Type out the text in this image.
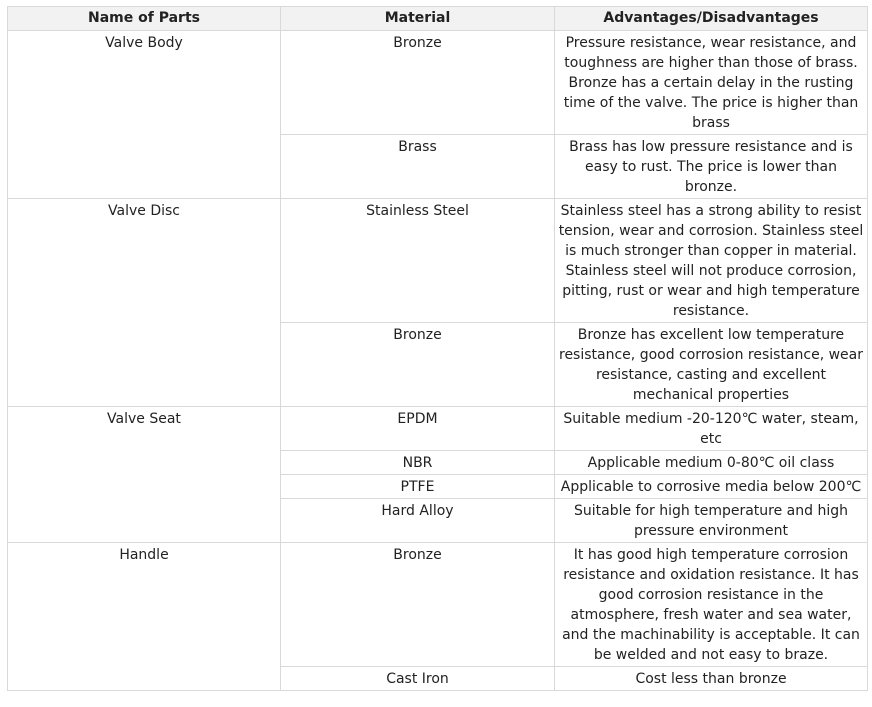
Name of Parts	Material	Advantages/Disadvantages
Valve Body	Bronze	Pressure resistance, wear resistance, and toughness are higher than those of brass. Bronze has a certain delay in the rusting time of the valve. The price is higher than brass
	Brass	Brass has low pressure resistance and is easy to rust. The price is lower than bronze.
Valve Disc	Stainless Steel	Stainless steel has a strong ability to resist tension, wear and corrosion. Stainless steel is much stronger than copper in material. Stainless steel will not produce corrosion, pitting, rust or wear and high temperature resistance.
	Bronze	Bronze has excellent low temperature resistance, good corrosion resistance, wear resistance, casting and excellent mechanical properties
Valve Seat	EPDM	Suitable medium -20-120℃ water, steam, etc
	NBR	Applicable medium 0-80℃ oil class
	PTFE	Applicable to corrosive media below 200℃
	Hard Alloy	Suitable for high temperature and high pressure environment
Handle	Bronze	It has good high temperature corrosion resistance and oxidation resistance. It has good corrosion resistance in the atmosphere, fresh water and sea water, and the machinability is acceptable. It can be welded and not easy to braze.
	Cast Iron	Cost less than bronze
